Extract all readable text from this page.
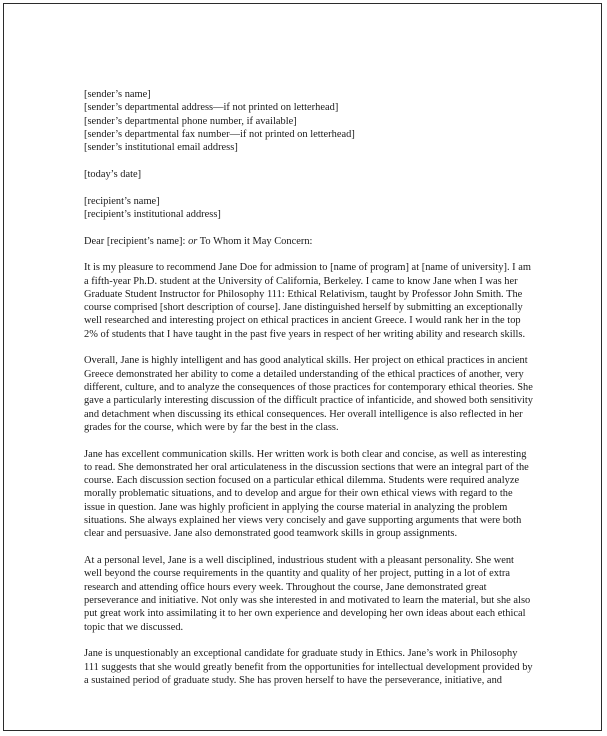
[sender’s name]
[sender’s departmental address—if not printed on letterhead]
[sender’s departmental phone number, if available]
[sender’s departmental fax number—if not printed on letterhead]
[sender’s institutional email address]
[today’s date]
[recipient’s name]
[recipient’s institutional address]
Dear [recipient’s name]: or To Whom it May Concern:
It is my pleasure to recommend Jane Doe for admission to [name of program] at [name of university]. I am
a fifth-year Ph.D. student at the University of California, Berkeley. I came to know Jane when I was her
Graduate Student Instructor for Philosophy 111: Ethical Relativism, taught by Professor John Smith. The
course comprised [short description of course]. Jane distinguished herself by submitting an exceptionally
well researched and interesting project on ethical practices in ancient Greece. I would rank her in the top
2% of students that I have taught in the past five years in respect of her writing ability and research skills.
Overall, Jane is highly intelligent and has good analytical skills. Her project on ethical practices in ancient
Greece demonstrated her ability to come a detailed understanding of the ethical practices of another, very
different, culture, and to analyze the consequences of those practices for contemporary ethical theories. She
gave a particularly interesting discussion of the difficult practice of infanticide, and showed both sensitivity
and detachment when discussing its ethical consequences. Her overall intelligence is also reflected in her
grades for the course, which were by far the best in the class.
Jane has excellent communication skills. Her written work is both clear and concise, as well as interesting
to read. She demonstrated her oral articulateness in the discussion sections that were an integral part of the
course. Each discussion section focused on a particular ethical dilemma. Students were required analyze
morally problematic situations, and to develop and argue for their own ethical views with regard to the
issue in question. Jane was highly proficient in applying the course material in analyzing the problem
situations. She always explained her views very concisely and gave supporting arguments that were both
clear and persuasive. Jane also demonstrated good teamwork skills in group assignments.
At a personal level, Jane is a well disciplined, industrious student with a pleasant personality. She went
well beyond the course requirements in the quantity and quality of her project, putting in a lot of extra
research and attending office hours every week. Throughout the course, Jane demonstrated great
perseverance and initiative. Not only was she interested in and motivated to learn the material, but she also
put great work into assimilating it to her own experience and developing her own ideas about each ethical
topic that we discussed.
Jane is unquestionably an exceptional candidate for graduate study in Ethics. Jane’s work in Philosophy
111 suggests that she would greatly benefit from the opportunities for intellectual development provided by
a sustained period of graduate study. She has proven herself to have the perseverance, initiative, and
